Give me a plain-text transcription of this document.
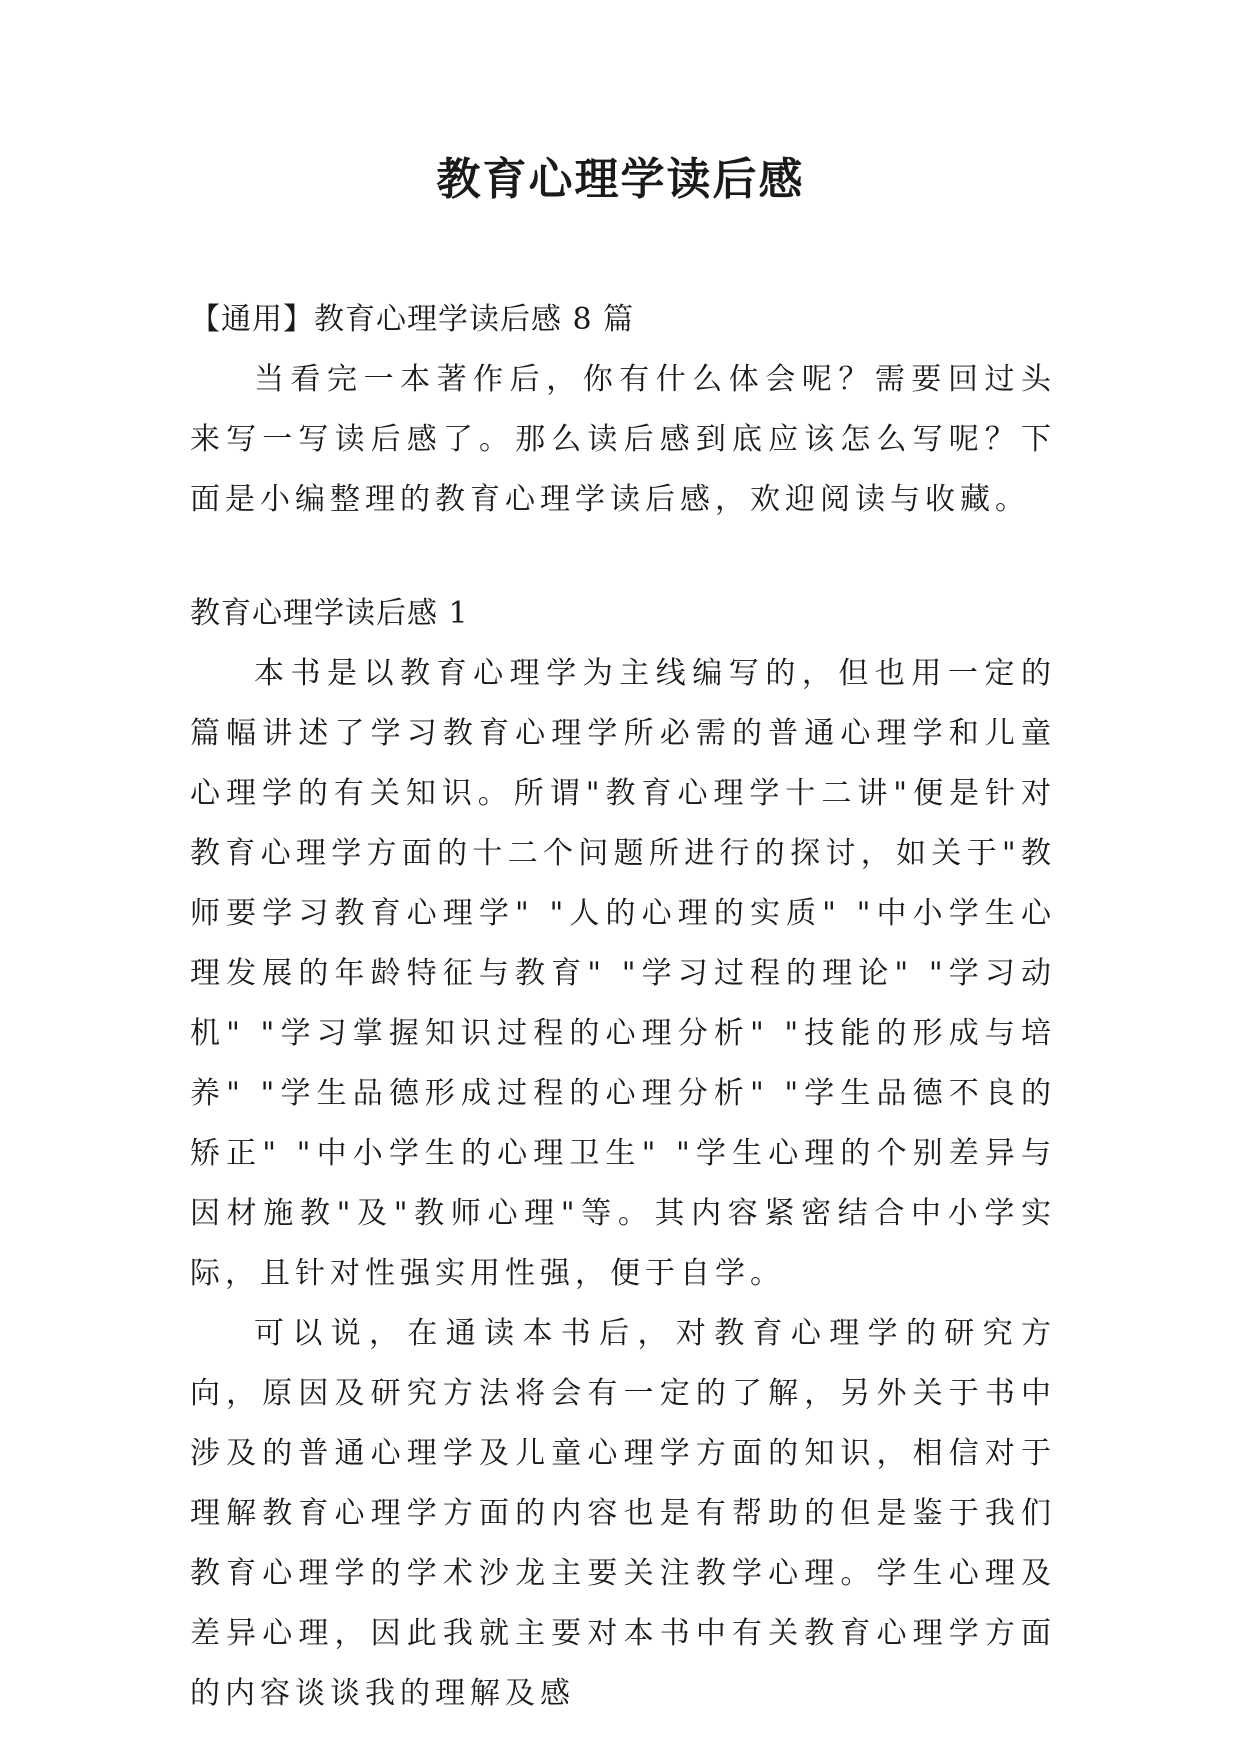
教育心理学读后感

【通用】教育心理学读后感 8 篇

当看完一本著作后，你有什么体会呢？需要回过头来写一写读后感了。那么读后感到底应该怎么写呢？下面是小编整理的教育心理学读后感，欢迎阅读与收藏。

教育心理学读后感 1

本书是以教育心理学为主线编写的，但也用一定的篇幅讲述了学习教育心理学所必需的普通心理学和儿童心理学的有关知识。所谓"教育心理学十二讲"便是针对教育心理学方面的十二个问题所进行的探讨，如关于"教师要学习教育心理学" "人的心理的实质" "中小学生心理发展的年龄特征与教育" "学习过程的理论" "学习动机" "学习掌握知识过程的心理分析" "技能的形成与培养" "学生品德形成过程的心理分析" "学生品德不良的矫正" "中小学生的心理卫生" "学生心理的个别差异与因材施教"及"教师心理"等。其内容紧密结合中小学实际，且针对性强实用性强，便于自学。

可以说，在通读本书后，对教育心理学的研究方向，原因及研究方法将会有一定的了解，另外关于书中涉及的普通心理学及儿童心理学方面的知识，相信对于理解教育心理学方面的内容也是有帮助的但是鉴于我们教育心理学的学术沙龙主要关注教学心理。学生心理及差异心理，因此我就主要对本书中有关教育心理学方面的内容谈谈我的理解及感
